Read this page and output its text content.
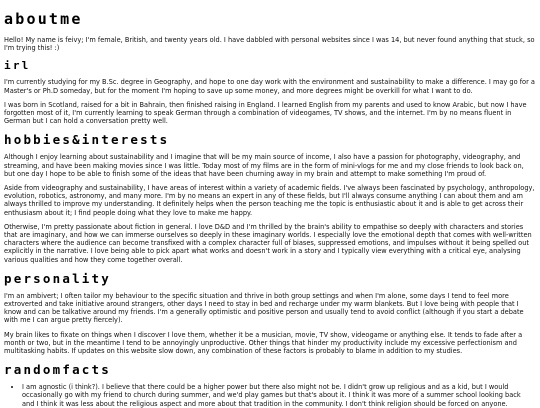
aboutme

Hello! My name is feivy; I'm female, British, and twenty years old. I have dabbled with personal websites since I was 14, but never found anything that stuck, so I'm trying this! :)

irl

I'm currently studying for my B.Sc. degree in Geography, and hope to one day work with the environment and sustainability to make a difference. I may go for a Master's or Ph.D someday, but for the moment I'm hoping to save up some money, and more degrees might be overkill for what I want to do.

I was born in Scotland, raised for a bit in Bahrain, then finished raising in England. I learned English from my parents and used to know Arabic, but now I have forgotten most of it, I'm currently learning to speak German through a combination of videogames, TV shows, and the internet. I'm by no means fluent in German but I can hold a conversation pretty well.

hobbies&interests

Although I enjoy learning about sustainability and I imagine that will be my main source of income, I also have a passion for photography, videography, and streaming, and have been making movies since I was little. Today most of my films are in the form of mini-vlogs for me and my close friends to look back on, but one day I hope to be able to finish some of the ideas that have been churning away in my brain and attempt to make something I'm proud of.

Aside from videography and sustainability, I have areas of interest within a variety of academic fields. I've always been fascinated by psychology, anthropology, evolution, robotics, astronomy, and many more. I'm by no means an expert in any of these fields, but I'll always consume anything I can about them and am always thrilled to improve my understanding. It definitely helps when the person teaching me the topic is enthusiastic about it and is able to get across their enthusiasm about it; I find people doing what they love to make me happy.

Otherwise, I'm pretty passionate about fiction in general. I love D&D and I'm thrilled by the brain's ability to empathise so deeply with characters and stories that are imaginary, and how we can immerse ourselves so deeply in these imaginary worlds. I especially love the emotional depth that comes with well-written characters where the audience can become transfixed with a complex character full of biases, suppressed emotions, and impulses without it being spelled out explicitly in the narrative. I love being able to pick apart what works and doesn't work in a story and I typically view everything with a critical eye, analysing various qualities and how they come together overall.

personality

I'm an ambivert; I often tailor my behaviour to the specific situation and thrive in both group settings and when I'm alone, some days I tend to feel more extroverted and take initiative around strangers, other days I need to stay in bed and recharge under my warm blankets. But I love being with people that I know and can be talkative around my friends. I'm a generally optimistic and positive person and usually tend to avoid conflict (although if you start a debate with me I can argue pretty fiercely).

My brain likes to fixate on things when I discover I love them, whether it be a musician, movie, TV show, videogame or anything else. It tends to fade after a month or two, but in the meantime I tend to be annoyingly unproductive. Other things that hinder my productivity include my excessive perfectionism and multitasking habits. If updates on this website slow down, any combination of these factors is probably to blame in addition to my studies.

randomfacts
• I am agnostic (i think?). I believe that there could be a higher power but there also might not be. I didn't grow up religious and as a kid, but I would occasionally go with my friend to church during summer, and we'd play games but that's about it. I think it was more of a summer school looking back and I think it was less about the religious aspect and more about that tradition in the community. I don't think religion should be forced on anyone.
